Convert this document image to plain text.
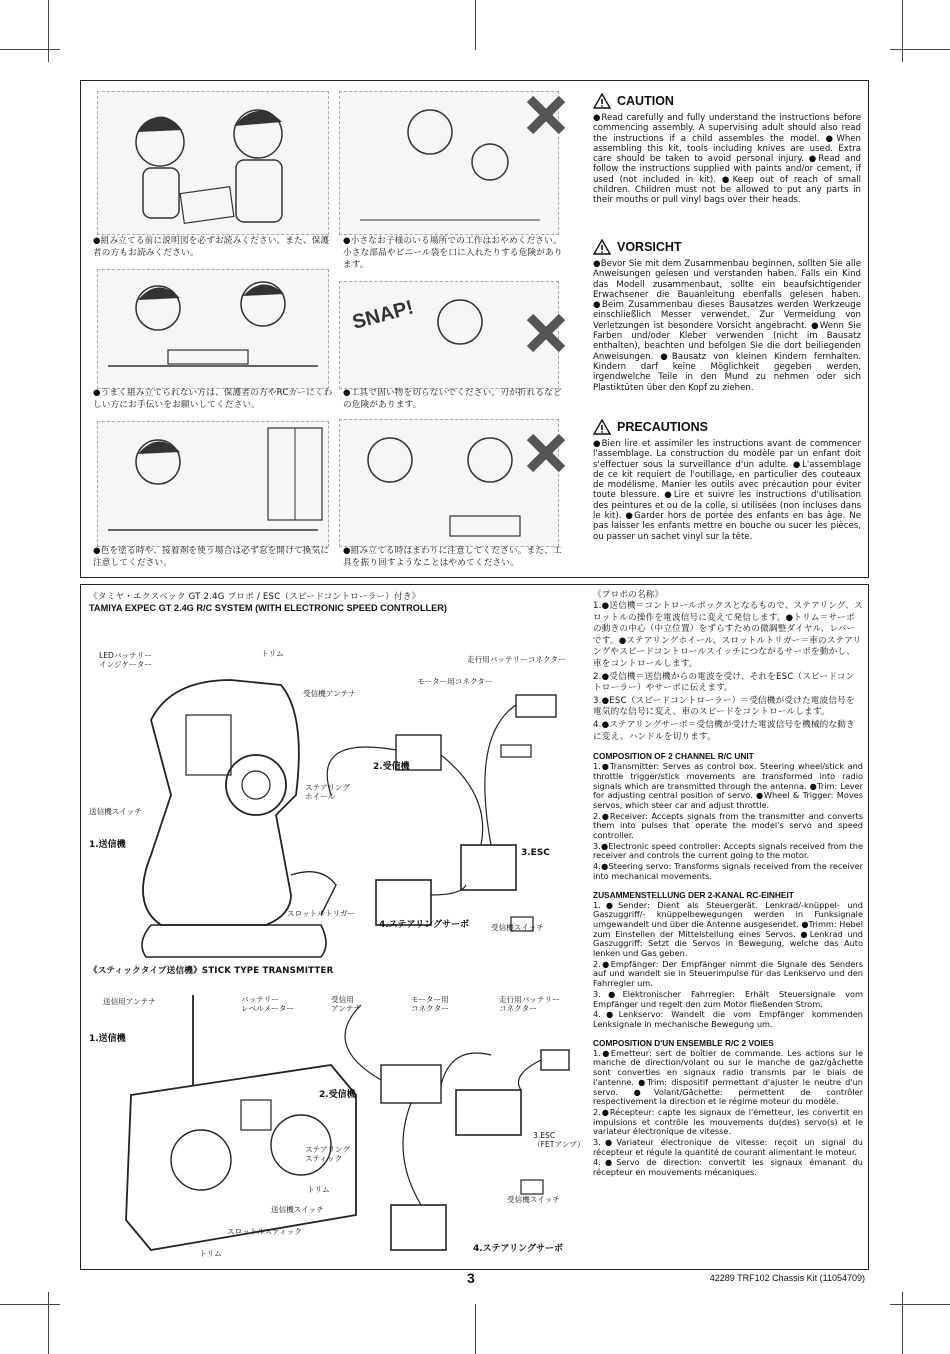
●組み立てる前に説明図を必ずお読みください。また、保護者の方もお読みください。
●うまく組み立てられない方は、保護者の方やRCカーにくわしい方にお手伝いをお願いしてください。
●色を塗る時や、接着剤を使う場合は必ず窓を開けて換気に注意してください。
●小さなお子様のいる場所での工作はおやめください。小さな部品やビニール袋を口に入れたりする危険があります。
SNAP!
●工具で固い物を切らないでください。刃が折れるなどの危険があります。
●組み立てる時はまわりに注意してください。また、工具を振り回すようなことはやめてください。
CAUTION
●Read carefully and fully understand the instructions before commencing assembly. A supervising adult should also read the instructions if a child assembles the model. ●When assembling this kit, tools including knives are used. Extra care should be taken to avoid personal injury. ●Read and follow the instructions supplied with paints and/or cement, if used (not included in kit). ●Keep out of reach of small children. Children must not be allowed to put any parts in their mouths or pull vinyl bags over their heads.
VORSICHT
●Bevor Sie mit dem Zusammenbau beginnen, sollten Sie alle Anweisungen gelesen und verstanden haben. Falls ein Kind das Modell zusammenbaut, sollte ein beaufsichtigender Erwachsener die Bauanleitung ebenfalls gelesen haben. ●Beim Zusammenbau dieses Bausatzes werden Werkzeuge einschließlich Messer verwendet. Zur Vermeidung von Verletzungen ist besondere Vorsicht angebracht. ●Wenn Sie Farben und/oder Kleber verwenden (nicht im Bausatz enthalten), beachten und befolgen Sie die dort beiliegenden Anweisungen. ●Bausatz von kleinen Kindern fernhalten. Kindern darf keine Möglichkeit gegeben werden, irgendwelche Teile in den Mund zu nehmen oder sich Plastiktüten über den Kopf zu ziehen.
PRECAUTIONS
●Bien lire et assimiler les instructions avant de commencer l'assemblage. La construction du modèle par un enfant doit s'effectuer sous la surveillance d'un adulte. ●L'assemblage de ce kit requiert de l'outillage, en particulier des couteaux de modélisme. Manier les outils avec précaution pour éviter toute blessure. ●Lire et suivre les instructions d'utilisation des peintures et ou de la colle, si utilisées (non incluses dans le kit). ●Garder hors de portée des enfants en bas âge. Ne pas laisser les enfants mettre en bouche ou sucer les pièces, ou passer un sachet vinyl sur la tête.
《タミヤ・エクスペック GT 2.4G プロポ / ESC（スピードコントローラー）付き》
TAMIYA EXPEC GT 2.4G R/C SYSTEM (WITH ELECTRONIC SPEED CONTROLLER)
LEDバッテリー
インジケーター
トリム
走行用バッテリーコネクター
モーター用コネクター
受信機アンテナ
2.受信機
ステアリング
ホイール
送信機スイッチ
1.送信機
3.ESC
スロットルトリガー
4.ステアリングサーボ	受信機スイッチ
《スティックタイプ送信機》STICK TYPE TRANSMITTER
送信用アンテナ	バッテリー
レベルメーター
受信用
アンテナ
モーター用
コネクター
走行用バッテリー
コネクター
1.送信機
2.受信機
3.ESC
（FETアンプ）
ステアリング
スティック
トリム
送信機スイッチ
スロットルスティック
トリム
受信機スイッチ
4.ステアリングサーボ
《プロポの名称》
1.●送信機＝コントロールボックスとなるもので、ステアリング、スロットルの操作を電波信号に変えて発信します。●トリム＝サーボの動きの中心（中立位置）をずらすための微調整ダイヤル、レバーです。●ステアリングホイール、スロットルトリガー＝車のステアリングやスピードコントロールスイッチにつながるサーボを動かし、車をコントロールします。
2.●受信機＝送信機からの電波を受け、それをESC（スピードコントローラー）やサーボに伝えます。
3.●ESC（スピードコントローラー）＝受信機が受けた電波信号を電気的な信号に変え、車のスピードをコントロールします。
4.●ステアリングサーボ＝受信機が受けた電波信号を機械的な動きに変え、ハンドルを切ります。
COMPOSITION OF 2 CHANNEL R/C UNIT
1.●Transmitter: Serves as control box. Steering wheel/stick and throttle trigger/stick movements are transformed into radio signals which are transmitted through the antenna. ●Trim: Lever for adjusting central position of servo. ●Wheel & Trigger: Moves servos, which steer car and adjust throttle.
2.●Receiver: Accepts signals from the transmitter and converts them into pulses that operate the model's servo and speed controller.
3.●Electronic speed controller: Accepts signals received from the receiver and controls the current going to the motor.
4.●Steering servo: Transforms signals received from the receiver into mechanical movements.
ZUSAMMENSTELLUNG DER 2-KANAL RC-EINHEIT
1.●Sender: Dient als Steuergerät. Lenkrad/-knüppel- und Gaszuggriff/- knüppelbewegungen werden in Funksignale umgewandelt und über die Antenne ausgesendet. ●Trimm: Hebel zum Einstellen der Mittelstellung eines Servos. ●Lenkrad und Gaszuggriff: Setzt die Servos in Bewegung, welche das Auto lenken und Gas geben.
2.●Empfänger: Der Empfänger nimmt die Signale des Senders auf und wandelt sie in Steuerimpulse für das Lenkservo und den Fahrregler um.
3.●Elektronischer Fahrregler: Erhält Steuersignale vom Empfänger und regelt den zum Motor fließenden Strom.
4.●Lenkservo: Wandelt die vom Empfänger kommenden Lenksignale in mechanische Bewegung um.
COMPOSITION D'UN ENSEMBLE R/C 2 VOIES
1.●Emetteur: sert de boîtier de commande. Les actions sur le manche de direction/volant ou sur le manche de gaz/gâchette sont converties en signaux radio transmis par le biais de l'antenne. ●Trim: dispositif permettant d'ajuster le neutre d'un servo. ●Volant/Gâchette: permettent de contrôler respectivement la direction et le régime moteur du modèle.
2.●Récepteur: capte les signaux de l'émetteur, les convertit en impulsions et contrôle les mouvements du(des) servo(s) et le variateur électronique de vitesse.
3.●Variateur électronique de vitesse: reçoit un signal du récepteur et régule la quantité de courant alimentant le moteur.
4.●Servo de direction: convertit les signaux émanant du récepteur en mouvements mécaniques.
3	42289 TRF102 Chassis Kit (11054709)
